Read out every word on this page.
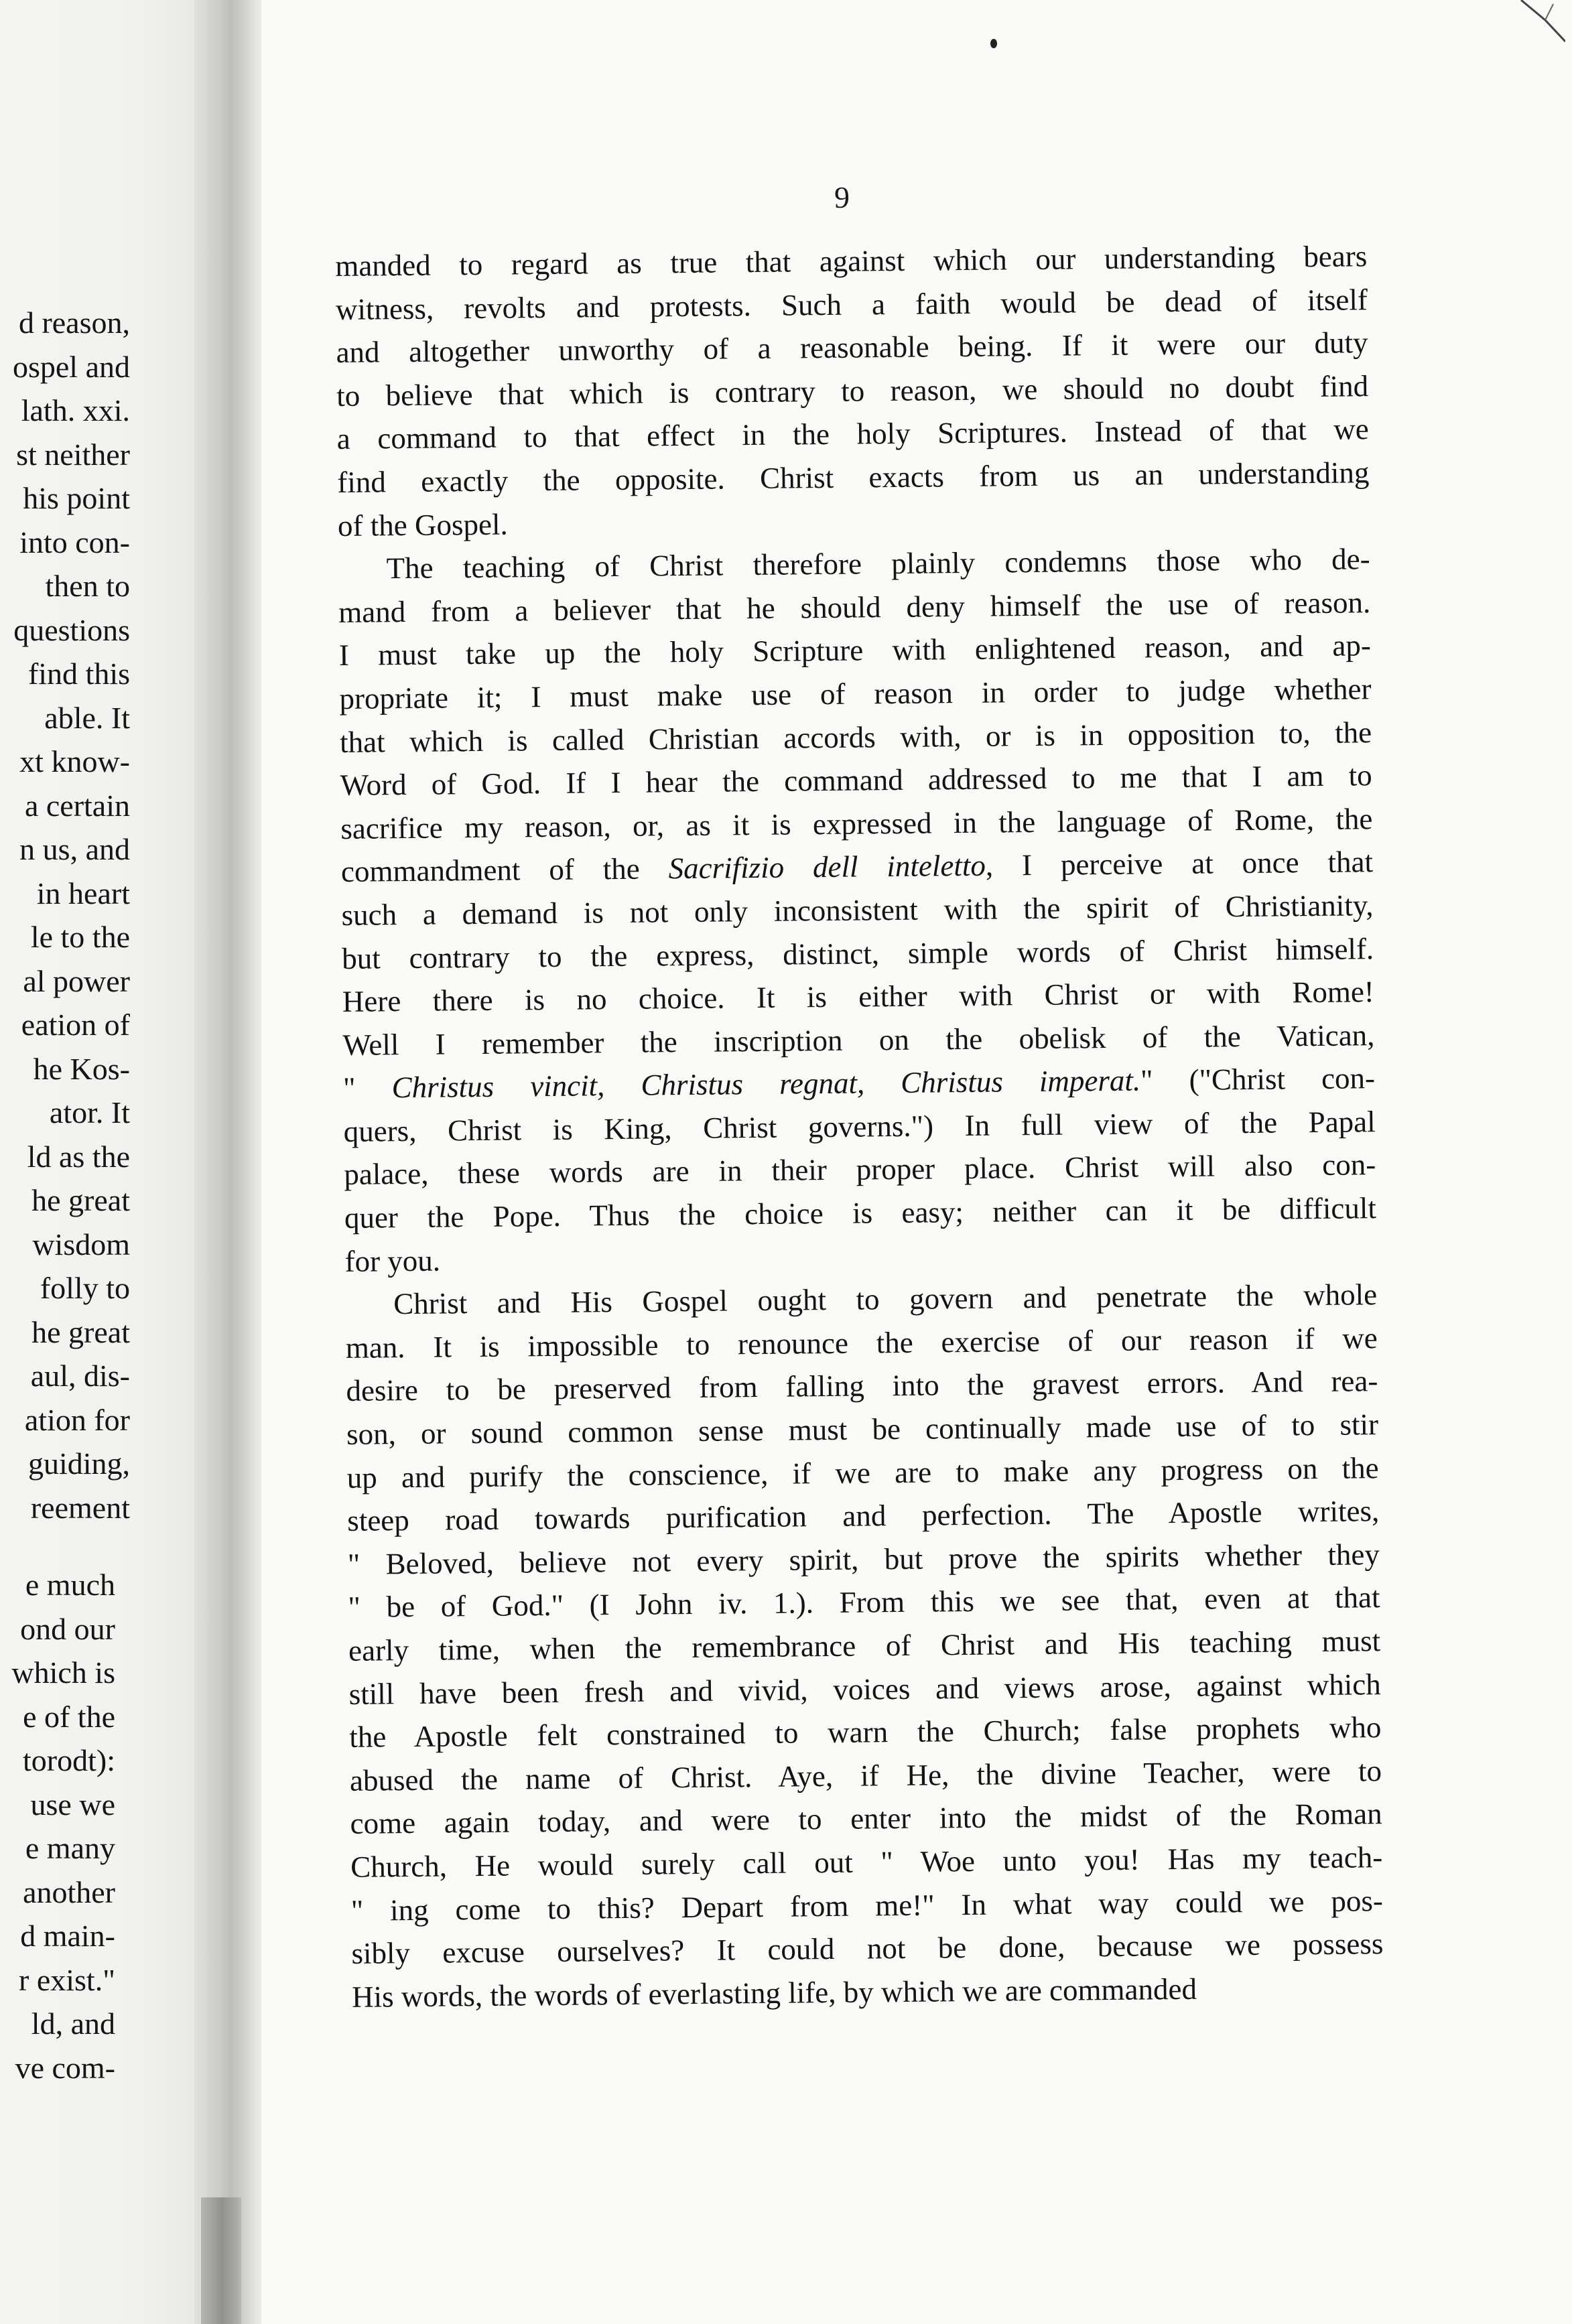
d reason,
ospel and
lath. xxi.
st neither
his point
into con-
then to
questions
find this
able. It
xt know-
a certain
n us, and
in heart
le to the
al power
eation of
he Kos-
ator. It
ld as the
he great
wisdom
folly to
he great
aul, dis-
ation for
guiding,
reement
e much
ond our
which is
e of the
torodt):
use we
e many
another
d main-
r exist."
ld, and
ve com-
9
manded to regard as true that against which our understanding bears
witness, revolts and protests. Such a faith would be dead of itself
and altogether unworthy of a reasonable being. If it were our duty
to believe that which is contrary to reason, we should no doubt find
a command to that effect in the holy Scriptures. Instead of that we
find exactly the opposite. Christ exacts from us an understanding
of the Gospel.
The teaching of Christ therefore plainly condemns those who de-
mand from a believer that he should deny himself the use of reason.
I must take up the holy Scripture with enlightened reason, and ap-
propriate it; I must make use of reason in order to judge whether
that which is called Christian accords with, or is in opposition to, the
Word of God. If I hear the command addressed to me that I am to
sacrifice my reason, or, as it is expressed in the language of Rome, the
commandment of the Sacrifizio dell inteletto, I perceive at once that
such a demand is not only inconsistent with the spirit of Christianity,
but contrary to the express, distinct, simple words of Christ himself.
Here there is no choice. It is either with Christ or with Rome!
Well I remember the inscription on the obelisk of the Vatican,
" Christus vincit, Christus regnat, Christus imperat." ("Christ con-
quers, Christ is King, Christ governs.") In full view of the Papal
palace, these words are in their proper place. Christ will also con-
quer the Pope. Thus the choice is easy; neither can it be difficult
for you.
Christ and His Gospel ought to govern and penetrate the whole
man. It is impossible to renounce the exercise of our reason if we
desire to be preserved from falling into the gravest errors. And rea-
son, or sound common sense must be continually made use of to stir
up and purify the conscience, if we are to make any progress on the
steep road towards purification and perfection. The Apostle writes,
" Beloved, believe not every spirit, but prove the spirits whether they
" be of God." (I John iv. 1.). From this we see that, even at that
early time, when the remembrance of Christ and His teaching must
still have been fresh and vivid, voices and views arose, against which
the Apostle felt constrained to warn the Church; false prophets who
abused the name of Christ. Aye, if He, the divine Teacher, were to
come again today, and were to enter into the midst of the Roman
Church, He would surely call out " Woe unto you! Has my teach-
" ing come to this? Depart from me!" In what way could we pos-
sibly excuse ourselves? It could not be done, because we possess
His words, the words of everlasting life, by which we are commanded
